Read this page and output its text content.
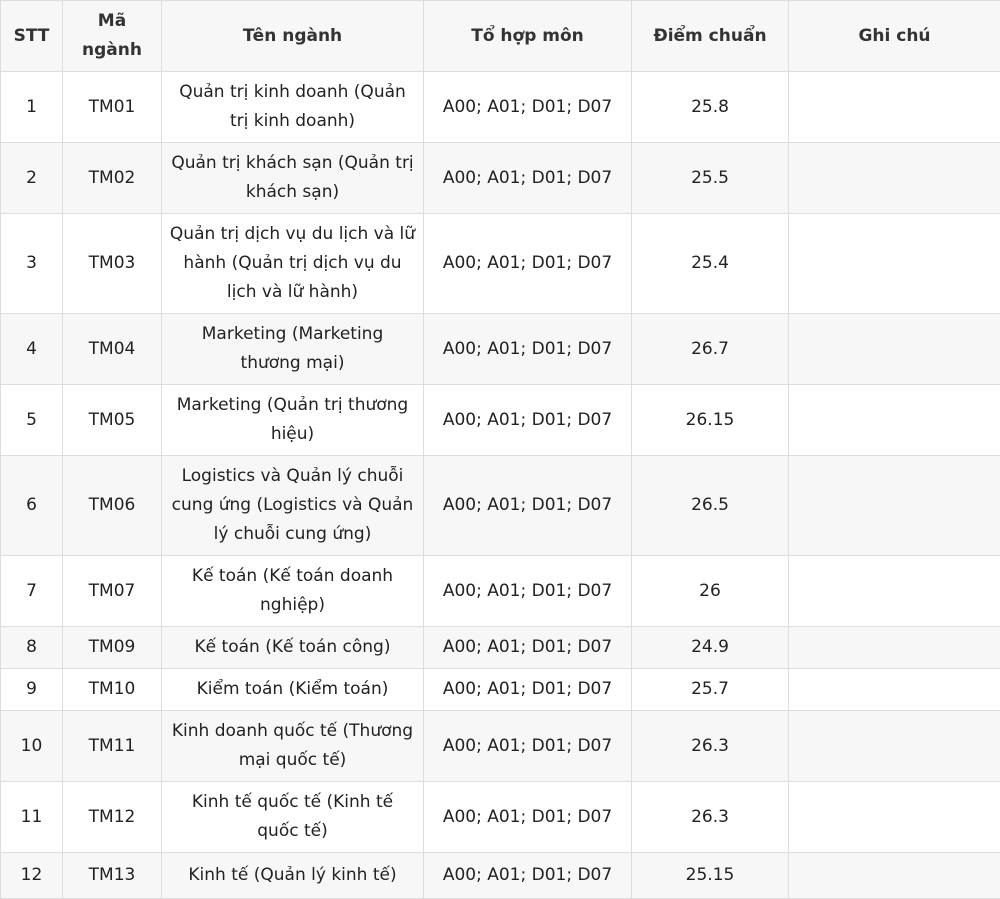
STT	Mã ngành	Tên ngành	Tổ hợp môn	Điểm chuẩn	Ghi chú
1	TM01	Quản trị kinh doanh (Quản trị kinh doanh)	A00; A01; D01; D07	25.8	
2	TM02	Quản trị khách sạn (Quản trị khách sạn)	A00; A01; D01; D07	25.5	
3	TM03	Quản trị dịch vụ du lịch và lữ hành (Quản trị dịch vụ du lịch và lữ hành)	A00; A01; D01; D07	25.4	
4	TM04	Marketing (Marketing thương mại)	A00; A01; D01; D07	26.7	
5	TM05	Marketing (Quản trị thương hiệu)	A00; A01; D01; D07	26.15	
6	TM06	Logistics và Quản lý chuỗi cung ứng (Logistics và Quản lý chuỗi cung ứng)	A00; A01; D01; D07	26.5	
7	TM07	Kế toán (Kế toán doanh nghiệp)	A00; A01; D01; D07	26	
8	TM09	Kế toán (Kế toán công)	A00; A01; D01; D07	24.9	
9	TM10	Kiểm toán (Kiểm toán)	A00; A01; D01; D07	25.7	
10	TM11	Kinh doanh quốc tế (Thương mại quốc tế)	A00; A01; D01; D07	26.3	
11	TM12	Kinh tế quốc tế (Kinh tế quốc tế)	A00; A01; D01; D07	26.3	
12	TM13	Kinh tế (Quản lý kinh tế)	A00; A01; D01; D07	25.15	
